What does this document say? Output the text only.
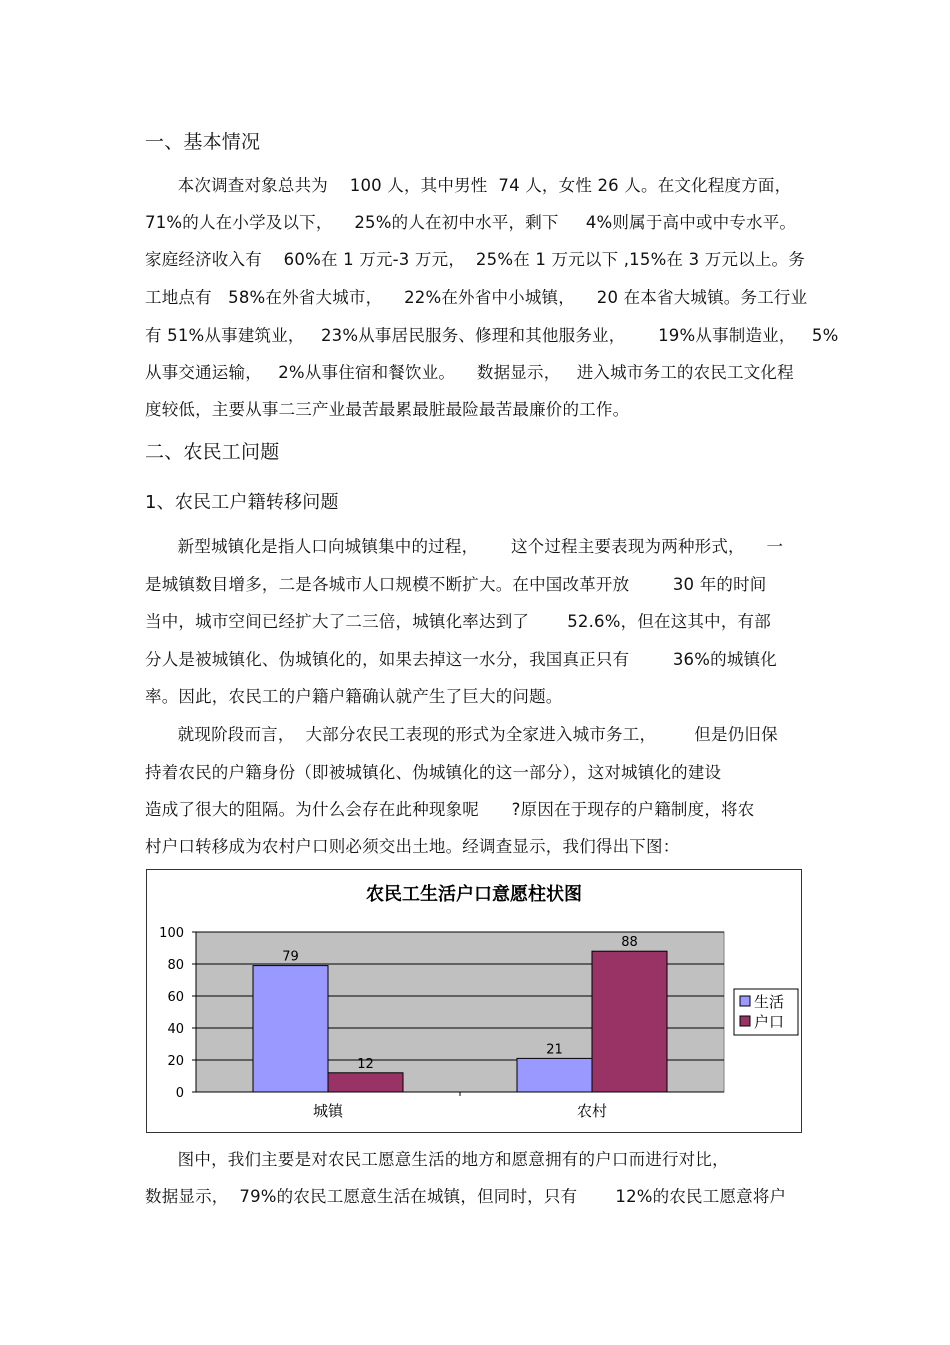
一、基本情况
本次调查对象总共为    100 人，其中男性  74 人，女性 26 人。在文化程度方面，
71%的人在小学及以下，    25%的人在初中水平，剩下     4%则属于高中或中专水平。
家庭经济收入有    60%在 1 万元-3 万元，  25%在 1 万元以下 ,15%在 3 万元以上。务
工地点有   58%在外省大城市，    22%在外省中小城镇，    20 在本省大城镇。务工行业
有 51%从事建筑业，   23%从事居民服务、修理和其他服务业，      19%从事制造业，   5%
从事交通运输，   2%从事住宿和餐饮业。    数据显示，   进入城市务工的农民工文化程
度较低，主要从事二三产业最苦最累最脏最险最苦最廉价的工作。
二、农民工问题
1、农民工户籍转移问题
新型城镇化是指人口向城镇集中的过程，      这个过程主要表现为两种形式，    一
是城镇数目增多，二是各城市人口规模不断扩大。在中国改革开放        30 年的时间
当中，城市空间已经扩大了二三倍，城镇化率达到了       52.6%，但在这其中，有部
分人是被城镇化、伪城镇化的，如果去掉这一水分，我国真正只有        36%的城镇化
率。因此，农民工的户籍户籍确认就产生了巨大的问题。
就现阶段而言，  大部分农民工表现的形式为全家进入城市务工，       但是仍旧保
持着农民的户籍身份（即被城镇化、伪城镇化的这一部分），这对城镇化的建设
造成了很大的阻隔。为什么会存在此种现象呢      ?原因在于现存的户籍制度，将农
村户口转移成为农村户口则必须交出土地。经调查显示，我们得出下图：
农民工生活户口意愿柱状图
0
20
40
60
80
100
79
12
城镇
21
88
农村
生活
户口
图中，我们主要是对农民工愿意生活的地方和愿意拥有的户口而进行对比，
数据显示，  79%的农民工愿意生活在城镇，但同时，只有       12%的农民工愿意将户
